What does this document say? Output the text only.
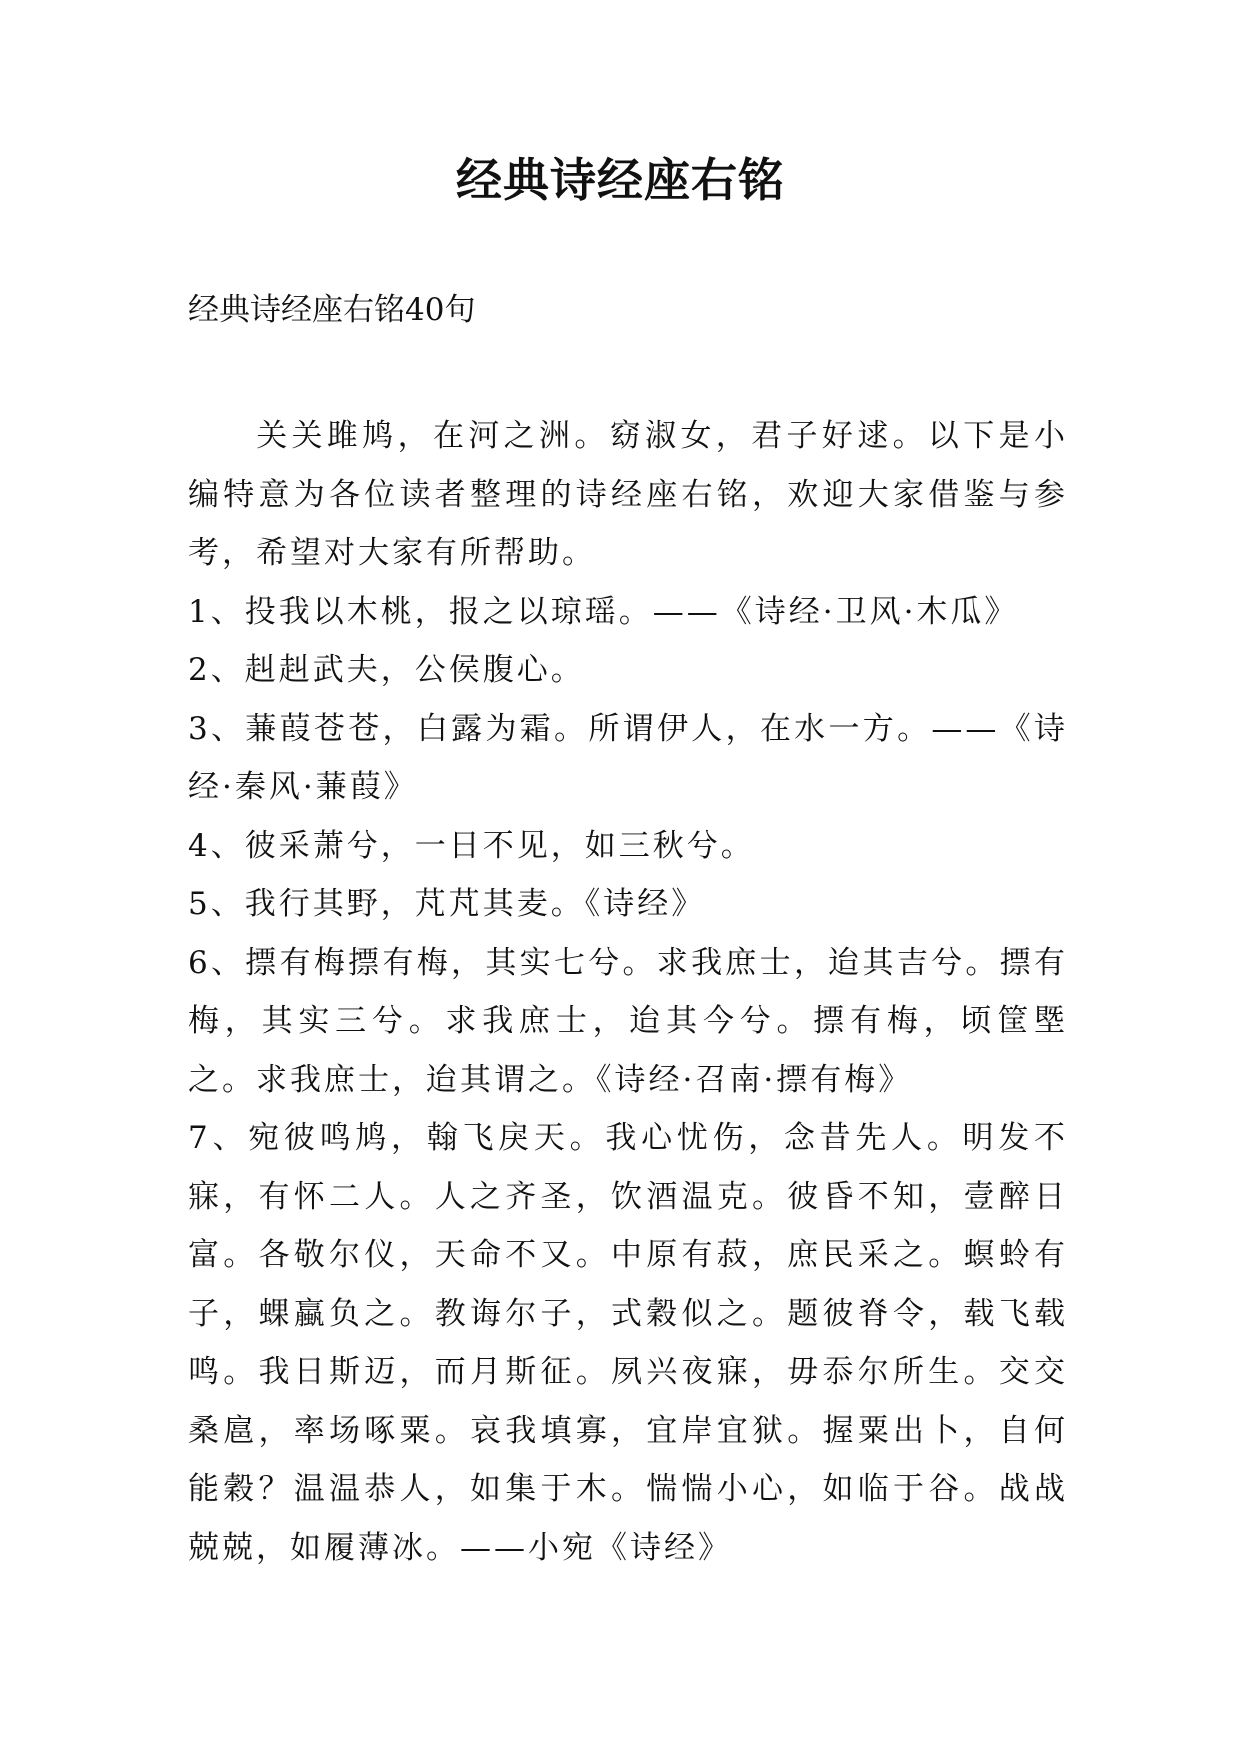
经典诗经座右铭
经典诗经座右铭40句

关关雎鸠，在河之洲。窈淑女，君子好逑。以下是小编特意为各位读者整理的诗经座右铭，欢迎大家借鉴与参考，希望对大家有所帮助。

1、投我以木桃，报之以琼瑶。——《诗经·卫风·木瓜》

2、赳赳武夫，公侯腹心。

3、蒹葭苍苍，白露为霜。所谓伊人，在水一方。——《诗经·秦风·蒹葭》

4、彼采萧兮，一日不见，如三秋兮。

5、我行其野，芃芃其麦。《诗经》

6、摽有梅摽有梅，其实七兮。求我庶士，迨其吉兮。摽有梅，其实三兮。求我庶士，迨其今兮。摽有梅，顷筐塈之。求我庶士，迨其谓之。《诗经·召南·摽有梅》

7、宛彼鸣鸠，翰飞戾天。我心忧伤，念昔先人。明发不寐，有怀二人。人之齐圣，饮酒温克。彼昏不知，壹醉日富。各敬尔仪，天命不又。中原有菽，庶民采之。螟蛉有子，蜾蠃负之。教诲尔子，式穀似之。题彼脊令，载飞载鸣。我日斯迈，而月斯征。夙兴夜寐，毋忝尔所生。交交桑扈，率场啄粟。哀我填寡，宜岸宜狱。握粟出卜，自何能穀？温温恭人，如集于木。惴惴小心，如临于谷。战战兢兢，如履薄冰。——小宛《诗经》
